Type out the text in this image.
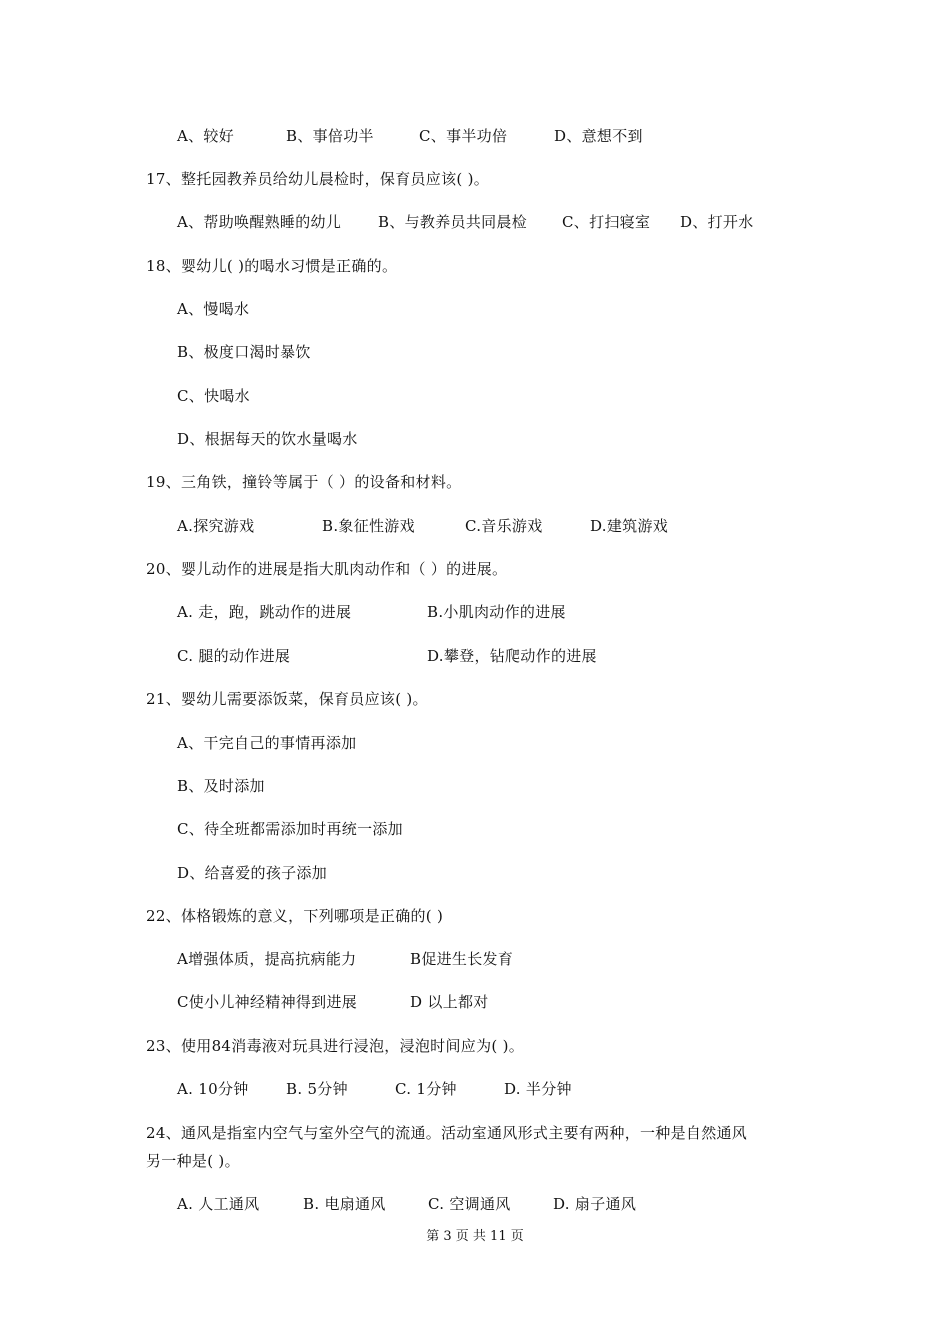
A、较好	B、事倍功半	C、事半功倍	D、意想不到
17、整托园教养员给幼儿晨检时，保育员应该( )。
A、帮助唤醒熟睡的幼儿 B、与教养员共同晨检 C、打扫寝室 D、打开水
18、婴幼儿( )的喝水习惯是正确的。
A、慢喝水
B、极度口渴时暴饮
C、快喝水
D、根据每天的饮水量喝水
19、三角铁，撞铃等属于（ ）的设备和材料。
A.探究游戏	B.象征性游戏	C.音乐游戏	D.建筑游戏
20、婴儿动作的进展是指大肌肉动作和（ ）的进展。
A. 走，跑，跳动作的进展	B.小肌肉动作的进展
C. 腿的动作进展	D.攀登，钻爬动作的进展
21、婴幼儿需要添饭菜，保育员应该( )。
A、干完自己的事情再添加
B、及时添加
C、待全班都需添加时再统一添加
D、给喜爱的孩子添加
22、体格锻炼的意义，下列哪项是正确的( )
A增强体质，提高抗病能力	B促进生长发育
C使小儿神经精神得到进展	D 以上都对
23、使用84消毒液对玩具进行浸泡，浸泡时间应为( )。
A. 10分钟 B. 5分钟	C. 1分钟	D. 半分钟
24、通风是指室内空气与室外空气的流通。活动室通风形式主要有两种，一种是自然通风
另一种是( )。
A. 人工通风	B. 电扇通风	C. 空调通风	D. 扇子通风
第 3 页 共 11 页
